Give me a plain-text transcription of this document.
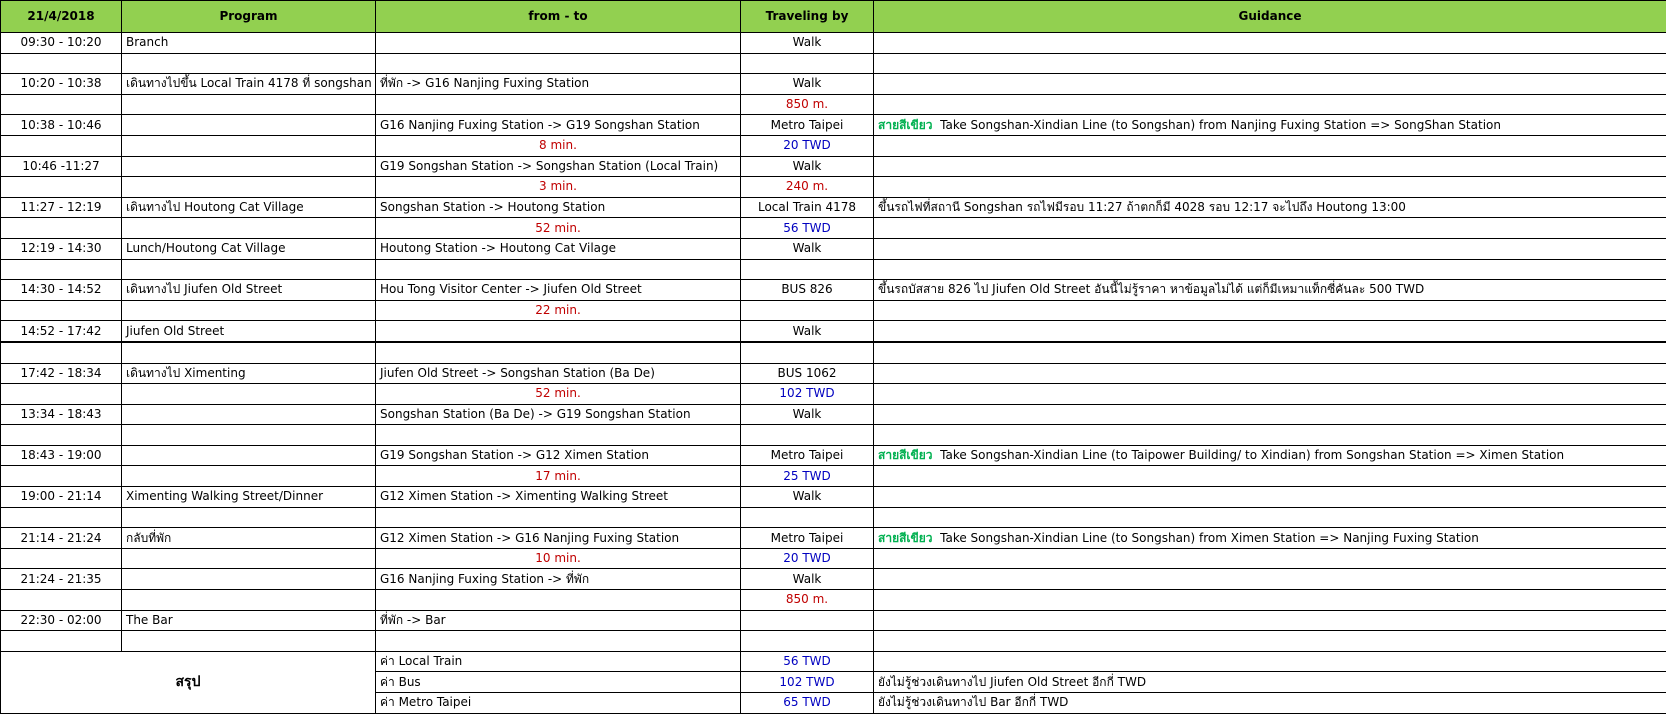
21/4/2018	Program	from - to	Traveling by	Guidance
09:30 - 10:20	Branch		Walk	

10:20 - 10:38	เดินทางไปขึ้น Local Train 4178 ที่ songshan	ที่พัก -> G16 Nanjing Fuxing Station	Walk	
			850 m.	
10:38 - 10:46		G16 Nanjing Fuxing Station -> G19 Songshan Station	Metro Taipei	สายสีเขียว Take Songshan-Xindian Line (to Songshan) from Nanjing Fuxing Station => SongShan Station
		8 min.	20 TWD	
10:46 -11:27		G19 Songshan Station -> Songshan Station (Local Train)	Walk	
		3 min.	240 m.	
11:27 - 12:19	เดินทางไป Houtong Cat Village	Songshan Station -> Houtong Station	Local Train 4178	ขึ้นรถไฟที่สถานี Songshan รถไฟมีรอบ 11:27 ถ้าตกก็มี 4028 รอบ 12:17 จะไปถึง Houtong 13:00
		52 min.	56 TWD	
12:19 - 14:30	Lunch/Houtong Cat Village	Houtong Station -> Houtong Cat Vilage	Walk	

14:30 - 14:52	เดินทางไป Jiufen Old Street	Hou Tong Visitor Center -> Jiufen Old Street	BUS 826	ขึ้นรถบัสสาย 826 ไป Jiufen Old Street อันนี้ไม่รู้ราคา หาข้อมูลไม่ได้ แต่ก็มีเหมาแท็กซี่คันละ 500 TWD
		22 min.		
14:52 - 17:42	Jiufen Old Street		Walk	

17:42 - 18:34	เดินทางไป Ximenting	Jiufen Old Street -> Songshan Station (Ba De)	BUS 1062	
		52 min.	102 TWD	
13:34 - 18:43		Songshan Station (Ba De) -> G19 Songshan Station	Walk	

18:43 - 19:00		G19 Songshan Station -> G12 Ximen Station	Metro Taipei	สายสีเขียว Take Songshan-Xindian Line (to Taipower Building/ to Xindian) from Songshan Station => Ximen Station
		17 min.	25 TWD	
19:00 - 21:14	Ximenting Walking Street/Dinner	G12 Ximen Station -> Ximenting Walking Street	Walk	

21:14 - 21:24	กลับที่พัก	G12 Ximen Station -> G16 Nanjing Fuxing Station	Metro Taipei	สายสีเขียว Take Songshan-Xindian Line (to Songshan) from Ximen Station => Nanjing Fuxing Station
		10 min.	20 TWD	
21:24 - 21:35		G16 Nanjing Fuxing Station -> ที่พัก	Walk	
			850 m.	
22:30 - 02:00	The Bar	ที่พัก -> Bar		

สรุป		ค่า Local Train	56 TWD	
		ค่า Bus	102 TWD	ยังไม่รู้ช่วงเดินทางไป Jiufen Old Street อีกกี่ TWD
		ค่า Metro Taipei	65 TWD	ยังไม่รู้ช่วงเดินทางไป Bar อีกกี่ TWD
